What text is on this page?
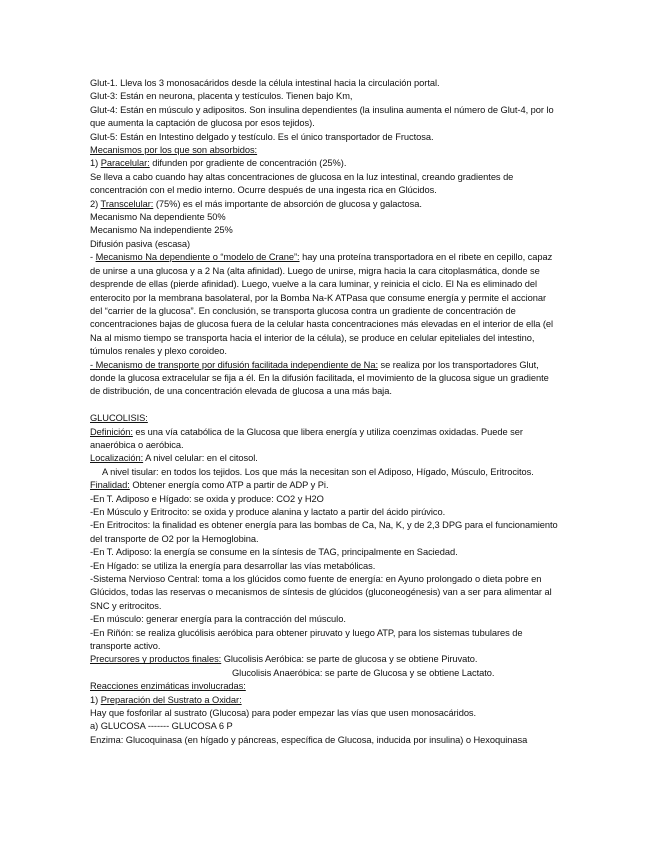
Glut-1. Lleva los 3 monosacáridos desde la célula intestinal hacia la circulación portal.
Glut-3: Están en neurona, placenta y testículos. Tienen bajo Km,
Glut-4: Están en músculo y adipositos. Son insulina dependientes (la insulina aumenta el número de Glut-4, por lo que aumenta la captación de glucosa por esos tejidos).
Glut-5: Están en Intestino delgado y testículo. Es el único transportador de Fructosa.
Mecanismos por los que son absorbidos:
1) Paracelular: difunden por gradiente de concentración (25%).
Se lleva a cabo cuando hay altas concentraciones de glucosa en la luz intestinal, creando gradientes de concentración con el medio interno. Ocurre después de una ingesta rica en Glúcidos.
2) Transcelular: (75%) es el más importante de absorción de glucosa y galactosa.
Mecanismo Na dependiente 50%
Mecanismo Na independiente 25%
Difusión pasiva (escasa)
- Mecanismo Na dependiente o “modelo de Crane”: hay una proteína transportadora en el ribete en cepillo, capaz de unirse a una glucosa y a 2 Na (alta afinidad). Luego de unirse, migra hacia la cara citoplasmática, donde se desprende de ellas (pierde afinidad). Luego, vuelve a la cara luminar, y reinicia el ciclo. El Na es eliminado del enterocito por la membrana basolateral, por la Bomba Na-K ATPasa que consume energía y permite el accionar del “carrier de la glucosa”. En conclusión, se transporta glucosa contra un gradiente de concentración de concentraciones bajas de glucosa fuera de la celular hasta concentraciones más elevadas en el interior de ella (el Na al mismo tiempo se transporta hacia el interior de la célula), se produce en celular epiteliales del intestino, túmulos renales y plexo coroideo.
- Mecanismo de transporte por difusión facilitada independiente de Na: se realiza por los transportadores Glut, donde la glucosa extracelular se fija a él. En la difusión facilitada, el movimiento de la glucosa sigue un gradiente de distribución, de una concentración elevada de glucosa a una más baja.
GLUCOLISIS:
Definición: es una vía catabólica de la Glucosa que libera energía y utiliza coenzimas oxidadas. Puede ser anaeróbica o aeróbica.
Localización: A nivel celular: en el citosol.
A nivel tisular: en todos los tejidos. Los que más la necesitan son el Adiposo, Hígado, Músculo, Eritrocitos.
Finalidad: Obtener energía como ATP a partir de ADP y Pi.
-En T. Adiposo e Hígado: se oxida y produce: CO2 y H2O
-En Músculo y Eritrocito: se oxida y produce alanina y lactato a partir del ácido pirúvico.
-En Eritrocitos: la finalidad es obtener energía para las bombas de Ca, Na, K, y de 2,3 DPG para el funcionamiento del transporte de O2 por la Hemoglobina.
-En T. Adiposo: la energía se consume en la síntesis de TAG, principalmente en Saciedad.
-En Hígado: se utiliza la energía para desarrollar las vías metabólicas.
-Sistema Nervioso Central: toma a los glúcidos como fuente de energía: en Ayuno prolongado o dieta pobre en Glúcidos, todas las reservas o mecanismos de síntesis de glúcidos (gluconeogénesis) van a ser para alimentar al SNC y eritrocitos.
-En músculo: generar energía para la contracción del músculo.
-En Riñón: se realiza glucólisis aeróbica para obtener piruvato y luego ATP, para los sistemas tubulares de transporte activo.
Precursores y productos finales: Glucolisis Aeróbica: se parte de glucosa y se obtiene Piruvato.
Glucolisis Anaeróbica: se parte de Glucosa y se obtiene Lactato.
Reacciones enzimáticas involucradas:
1) Preparación del Sustrato a Oxidar:
Hay que fosforilar al sustrato (Glucosa) para poder empezar las vías que usen monosacáridos.
a) GLUCOSA ------- GLUCOSA 6 P
Enzima: Glucoquinasa (en hígado y páncreas, específica de Glucosa, inducida por insulina) o Hexoquinasa
